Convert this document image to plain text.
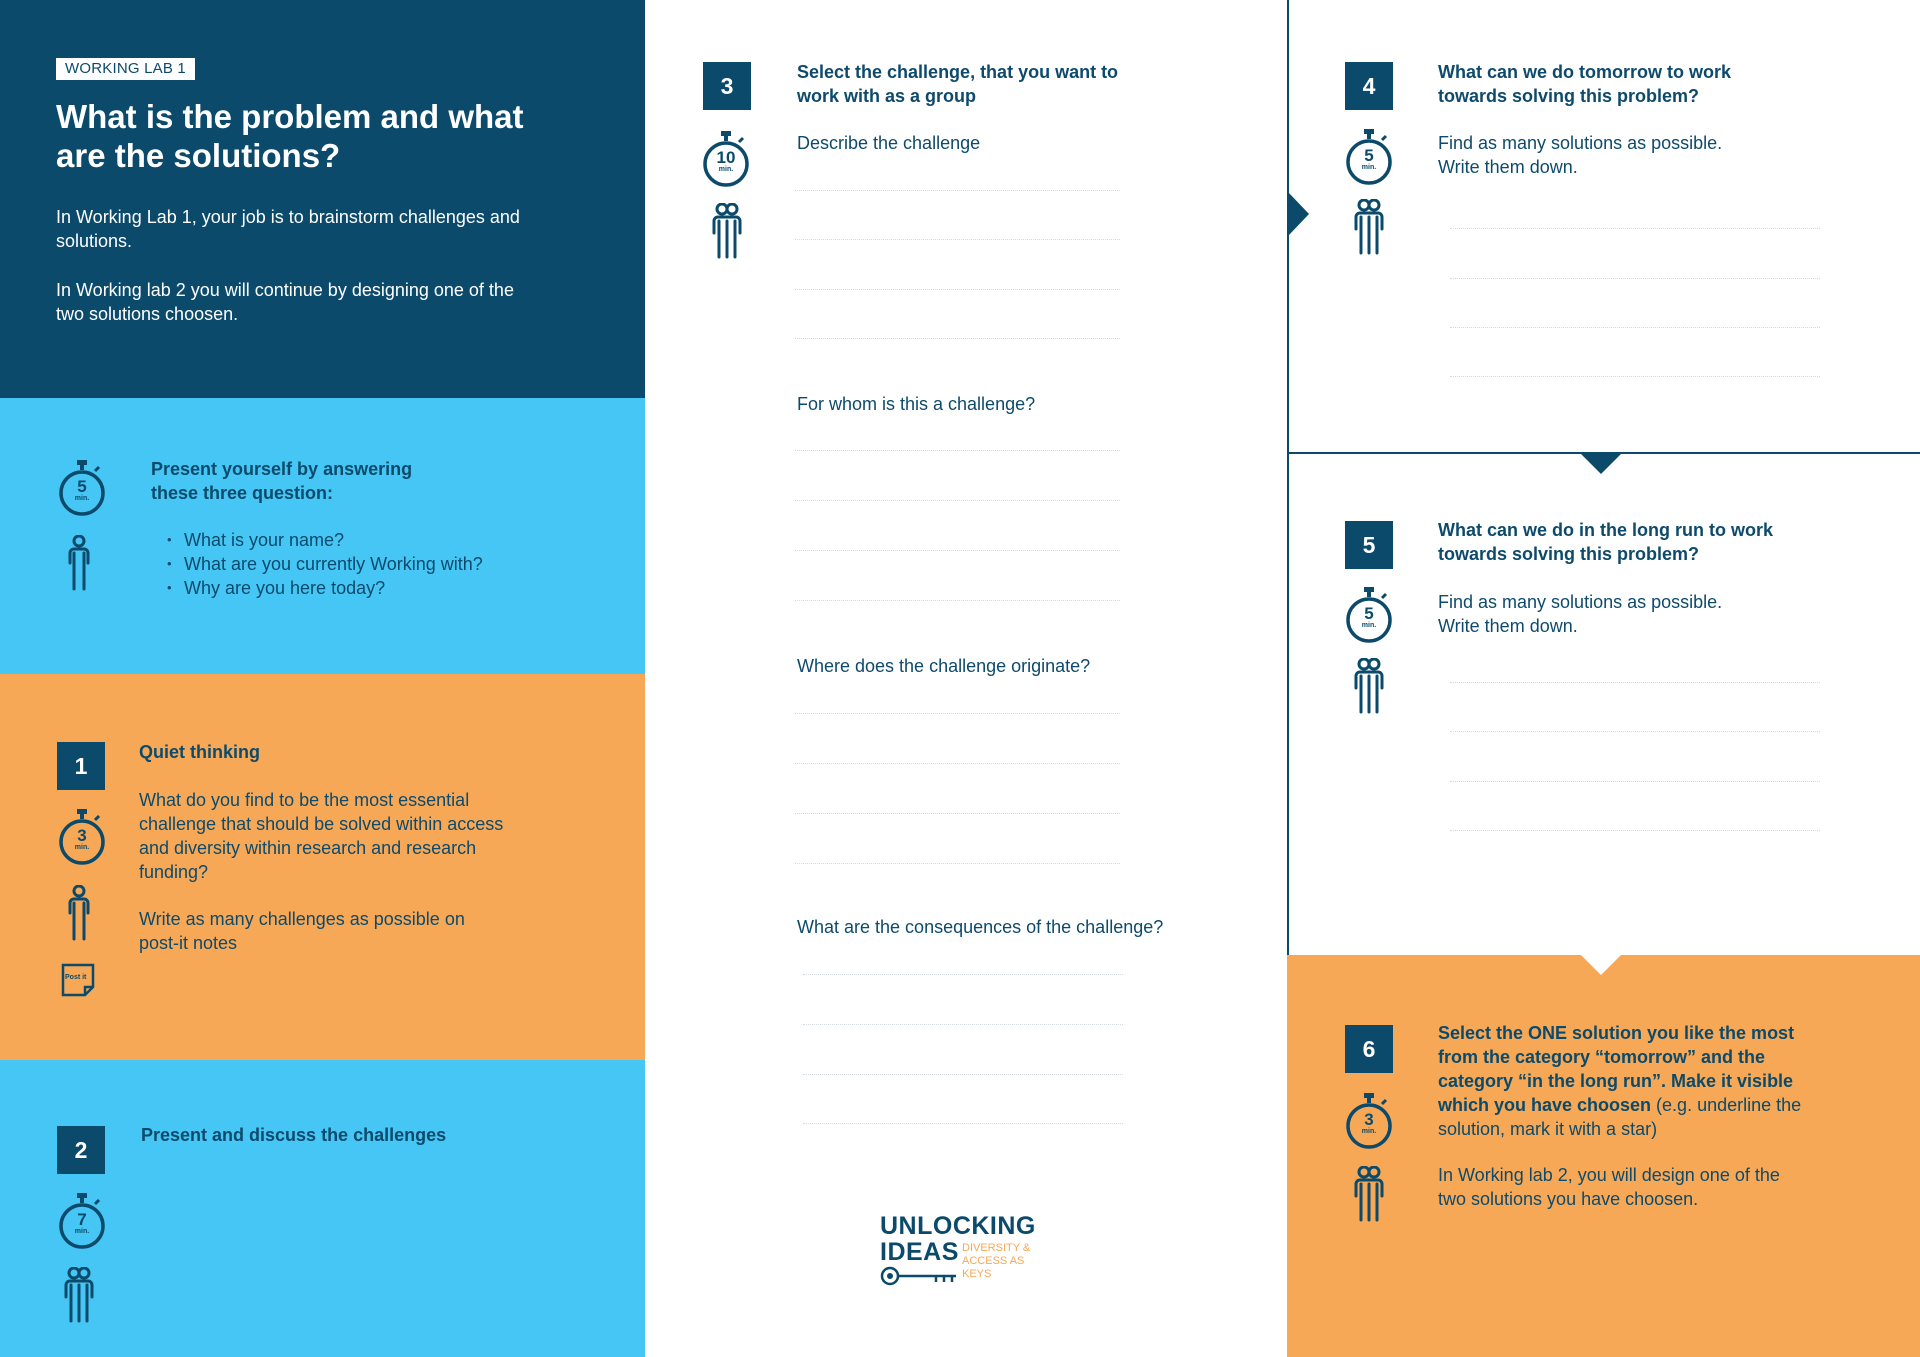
WORKING LAB 1
What is the problem and what are the solutions?
In Working Lab 1, your job is to brainstorm challenges and solutions.
In Working lab 2 you will continue by designing one of the two solutions choosen.
5
min.
Present yourself by answering these three question:
• What is your name?
• What are you currently Working with?
• Why are you here today?
1
3
min.
Post it
Quiet thinking
What do you find to be the most essential challenge that should be solved within access and diversity within research and research funding?
Write as many challenges as possible on post-it notes
2
7
min.
Present and discuss the challenges
3
10
min.
Select the challenge, that you want to work with as a group
Describe the challenge
For whom is this a challenge?
Where does the challenge originate?
What are the consequences of the challenge?
UNLOCKING
IDEAS DIVERSITY &
ACCESS AS
KEYS
4
5
min.
What can we do tomorrow to work towards solving this problem?
Find as many solutions as possible. Write them down.
5
5
min.
What can we do in the long run to work towards solving this problem?
Find as many solutions as possible. Write them down.
6
3
min.
Select the ONE solution you like the most from the category “tomorrow” and the category “in the long run”. Make it visible which you have choosen (e.g. underline the solution, mark it with a star)
In Working lab 2, you will design one of the two solutions you have choosen.
